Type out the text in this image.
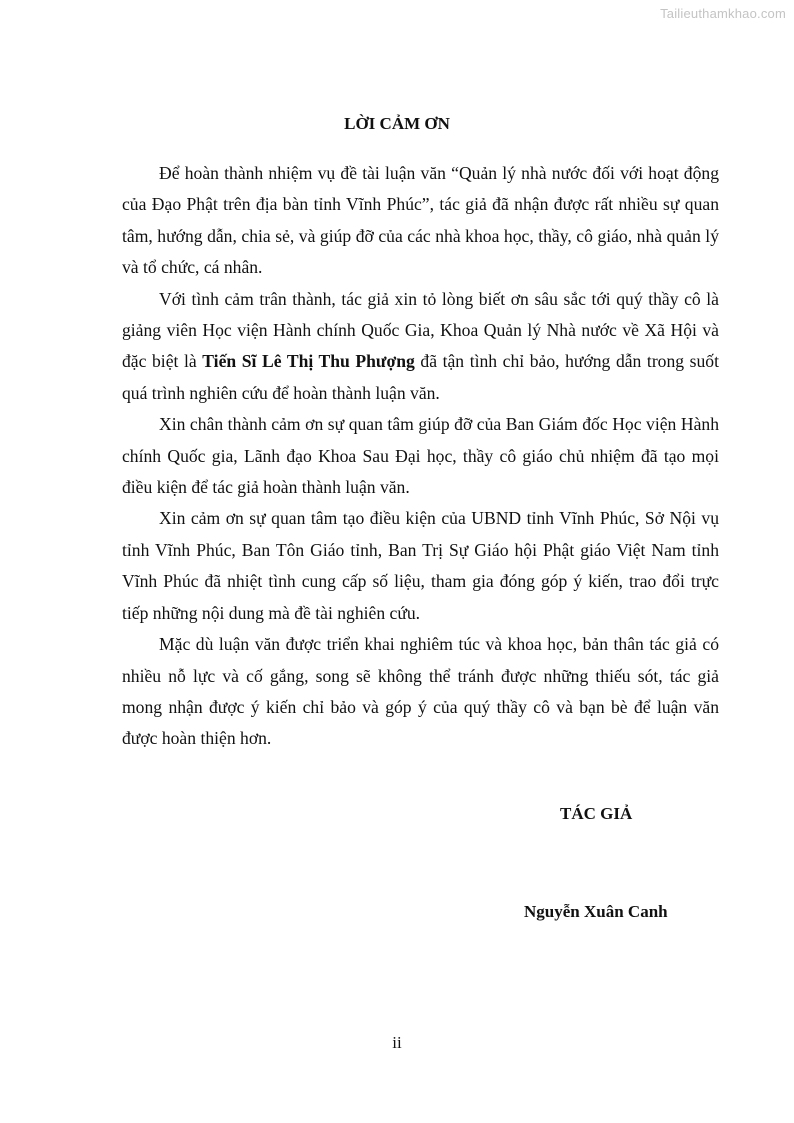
Tailieuthamkhao.com
LỜI CẢM ƠN

Để hoàn thành nhiệm vụ đề tài luận văn “Quản lý nhà nước đối với hoạt động của Đạo Phật trên địa bàn tỉnh Vĩnh Phúc”, tác giả đã nhận được rất nhiều sự quan tâm, hướng dẫn, chia sẻ, và giúp đỡ của các nhà khoa học, thầy, cô giáo, nhà quản lý và tổ chức, cá nhân.

Với tình cảm trân thành, tác giả xin tỏ lòng biết ơn sâu sắc tới quý thầy cô là giảng viên Học viện Hành chính Quốc Gia, Khoa Quản lý Nhà nước về Xã Hội và đặc biệt là Tiến Sĩ Lê Thị Thu Phượng đã tận tình chỉ bảo, hướng dẫn trong suốt quá trình nghiên cứu để hoàn thành luận văn.

Xin chân thành cảm ơn sự quan tâm giúp đỡ của Ban Giám đốc Học viện Hành chính Quốc gia, Lãnh đạo Khoa Sau Đại học, thầy cô giáo chủ nhiệm đã tạo mọi điều kiện để tác giả hoàn thành luận văn.

Xin cảm ơn sự quan tâm tạo điều kiện của UBND tỉnh Vĩnh Phúc, Sở Nội vụ tỉnh Vĩnh Phúc, Ban Tôn Giáo tỉnh, Ban Trị Sự Giáo hội Phật giáo Việt Nam tỉnh Vĩnh Phúc đã nhiệt tình cung cấp số liệu, tham gia đóng góp ý kiến, trao đổi trực tiếp những nội dung mà đề tài nghiên cứu.

Mặc dù luận văn được triển khai nghiêm túc và khoa học, bản thân tác giả có nhiều nỗ lực và cố gắng, song sẽ không thể tránh được những thiếu sót, tác giả mong nhận được ý kiến chỉ bảo và góp ý của quý thầy cô và bạn bè để luận văn được hoàn thiện hơn.

TÁC GIẢ
Nguyễn Xuân Canh
ii
